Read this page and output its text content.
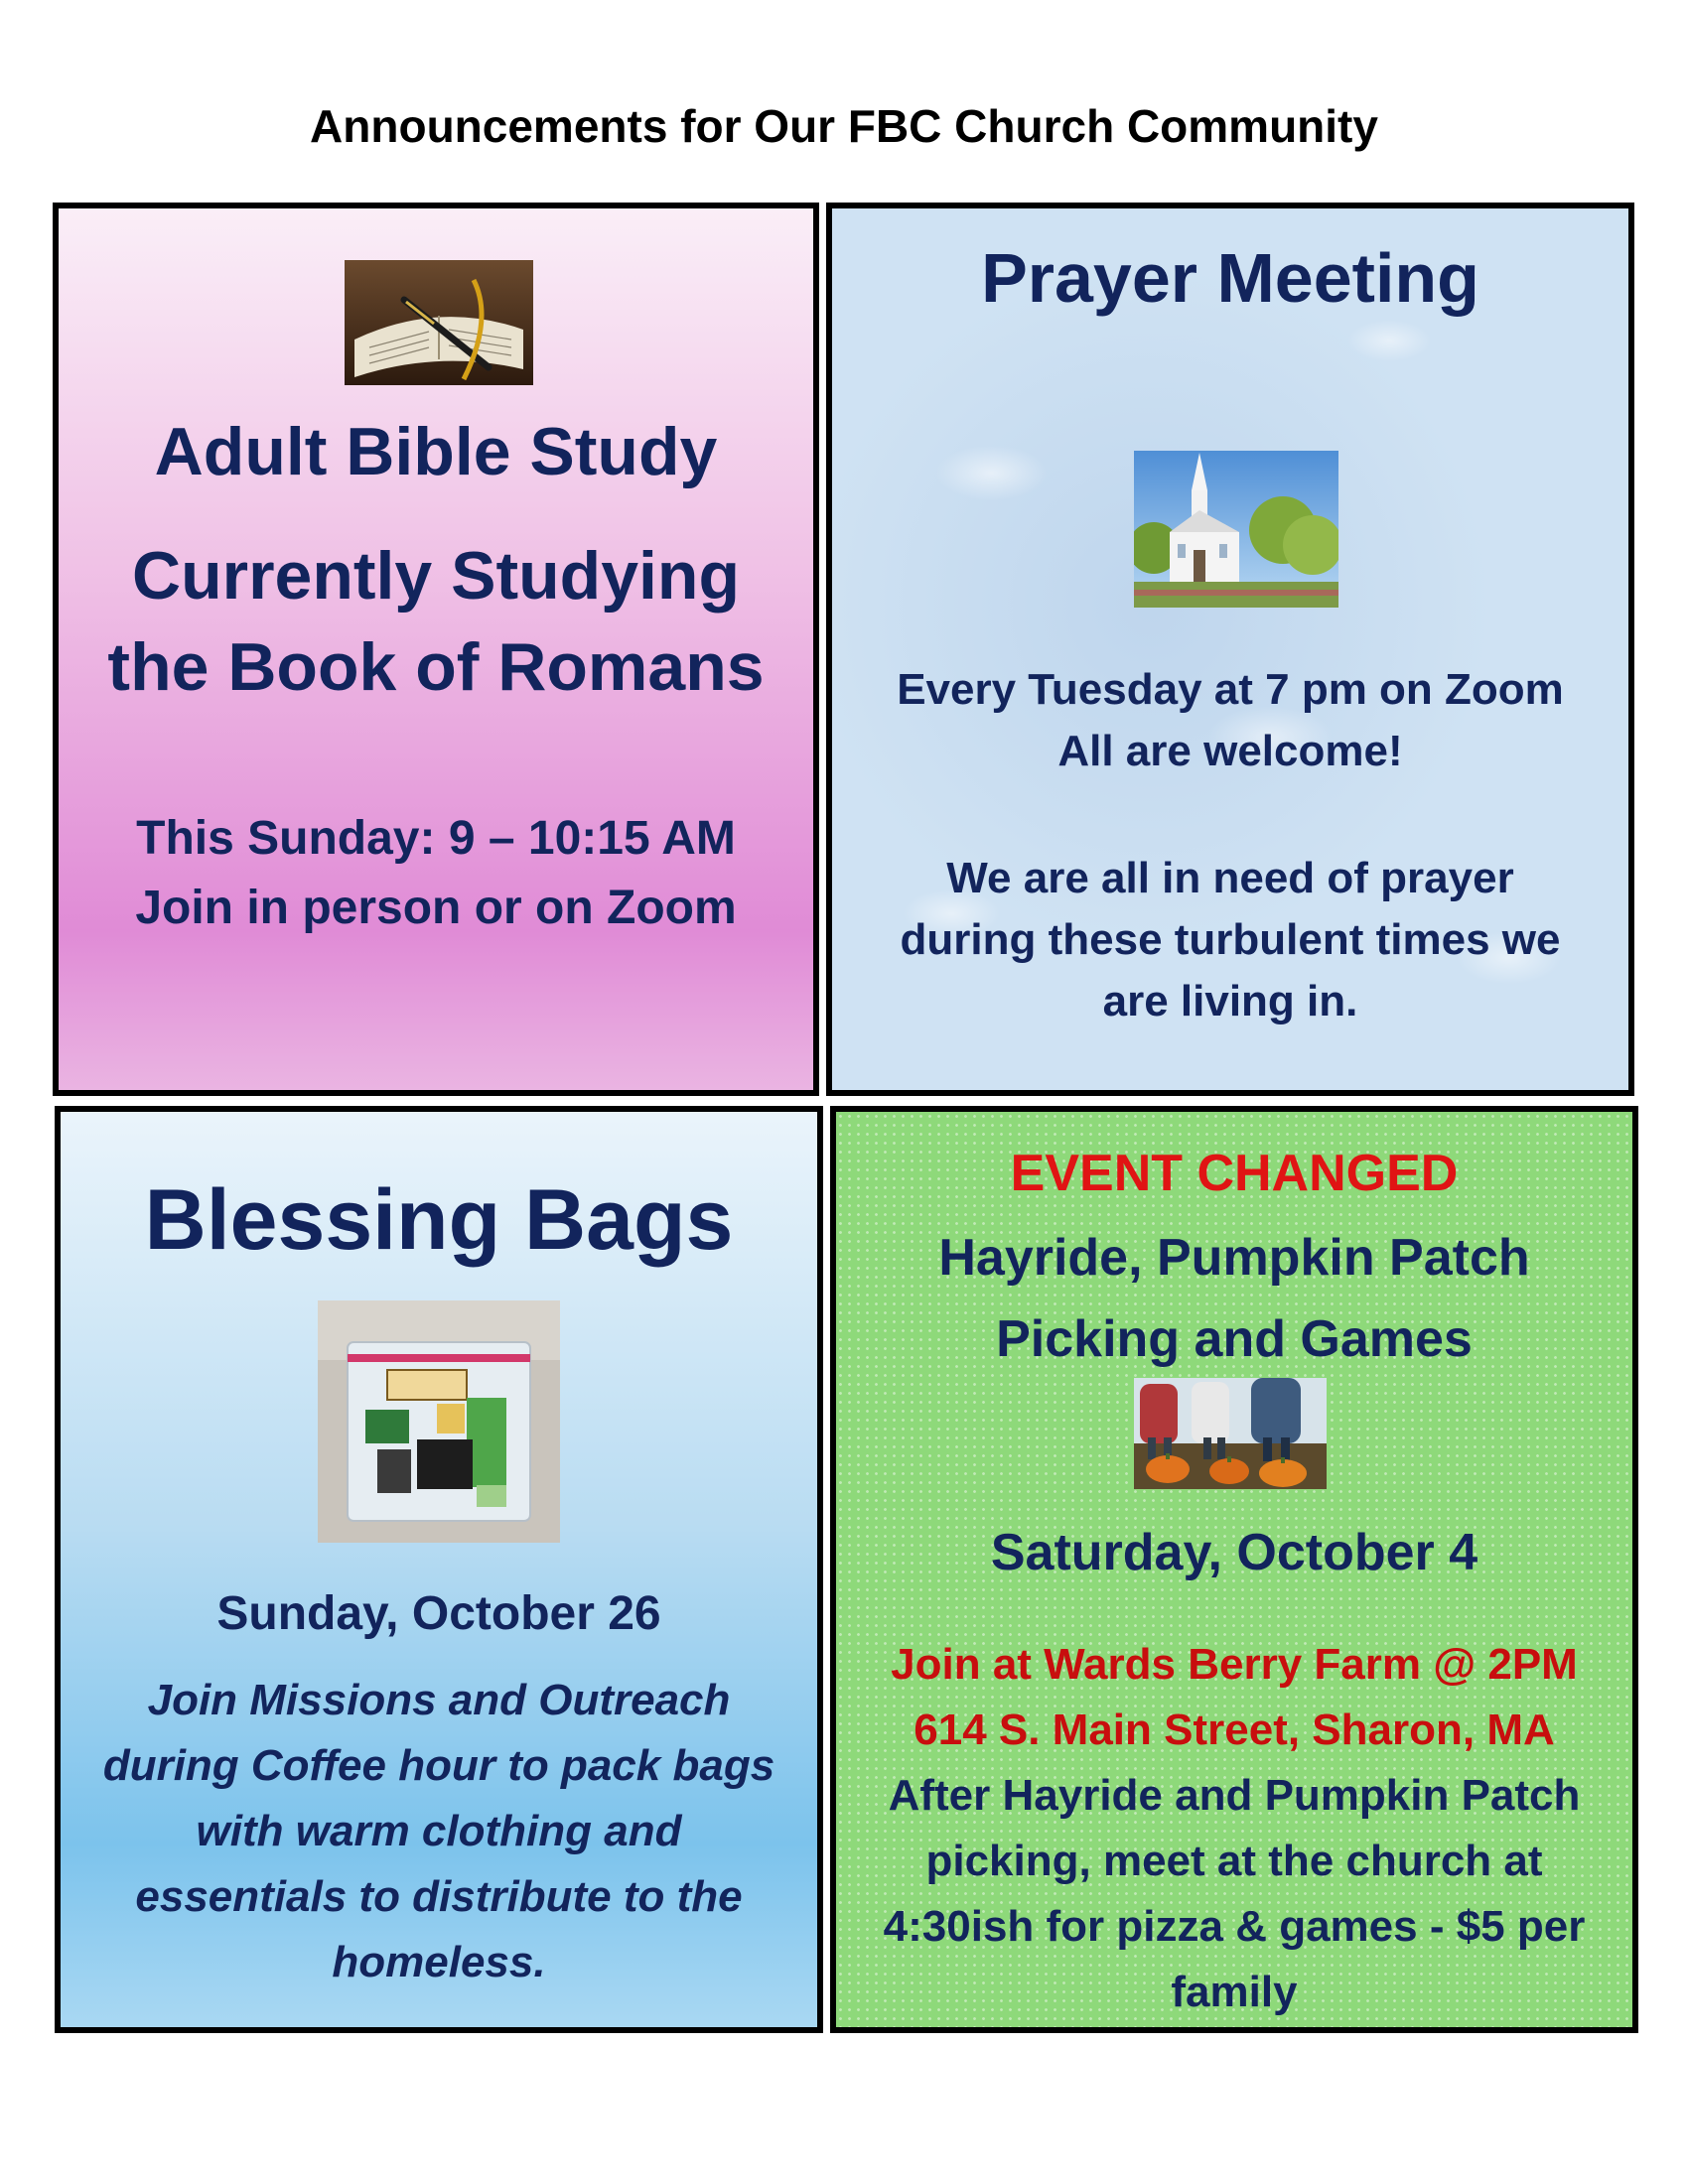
Announcements for Our FBC Church Community
Adult Bible Study
Currently Studying
the Book of Romans
This Sunday: 9 – 10:15 AM
Join in person or on Zoom
Prayer Meeting
Every Tuesday at 7 pm on Zoom
All are welcome!
We are all in need of prayer
during these turbulent times we
are living in.
Blessing Bags
Sunday, October 26
Join Missions and Outreach
during Coffee hour to pack bags
with warm clothing and
essentials to distribute to the
homeless.
EVENT CHANGED
Hayride, Pumpkin Patch
Picking and Games
Saturday, October 4
Join at Wards Berry Farm @ 2PM
614 S. Main Street, Sharon, MA
After Hayride and Pumpkin Patch
picking, meet at the church at
4:30ish for pizza & games - $5 per
family
